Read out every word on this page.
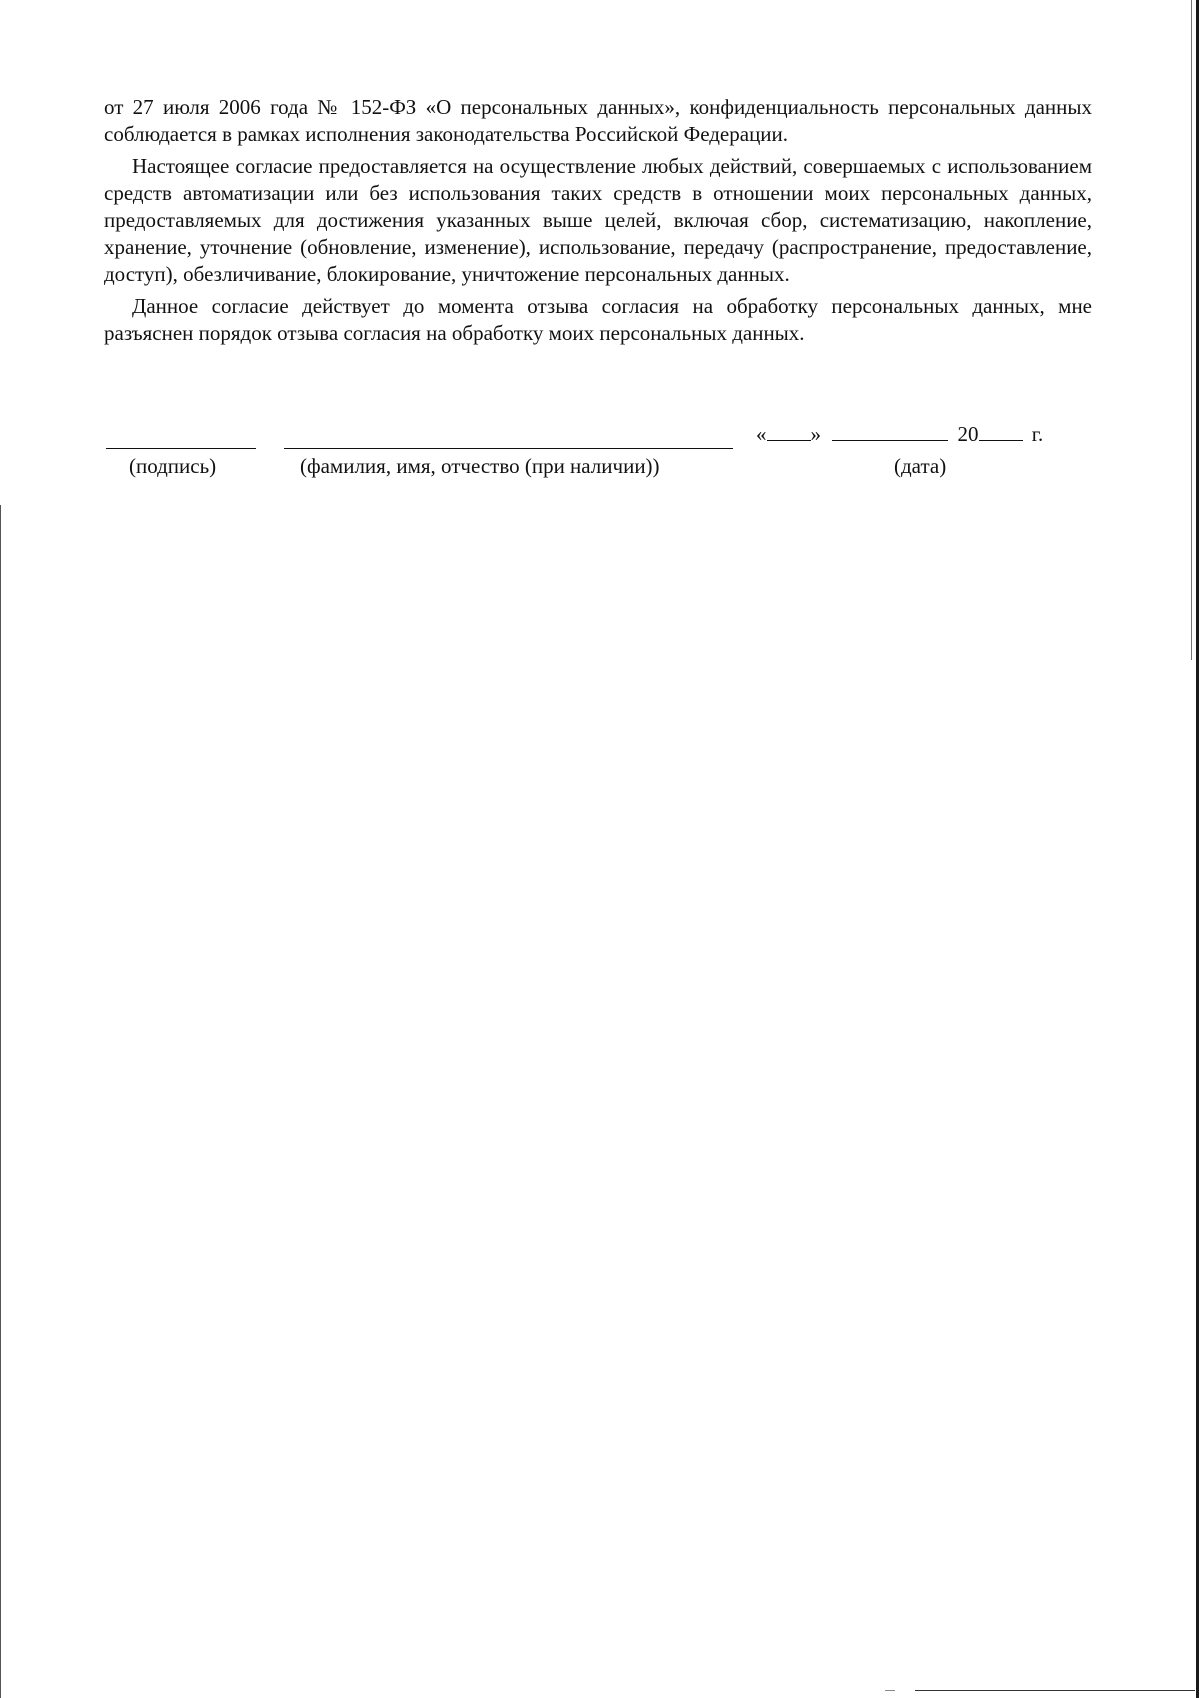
от 27 июля 2006 года № 152-ФЗ «О персональных данных», конфиденциальность персональных данных соблюдается в рамках исполнения законодательства Российской Федерации.

Настоящее согласие предоставляется на осуществление любых действий, совершаемых с использованием средств автоматизации или без использования таких средств в отношении моих персональных данных, предоставляемых для достижения указанных выше целей, включая сбор, систематизацию, накопление, хранение, уточнение (обновление, изменение), использование, передачу (распространение, предоставление, доступ), обезличивание, блокирование, уничтожение персональных данных.

Данное согласие действует до момента отзыва согласия на обработку персональных данных, мне разъяснен порядок отзыва согласия на обработку моих персональных данных.

(подпись)	(фамилия, имя, отчество (при наличии))
« »	20	г.
(дата)
